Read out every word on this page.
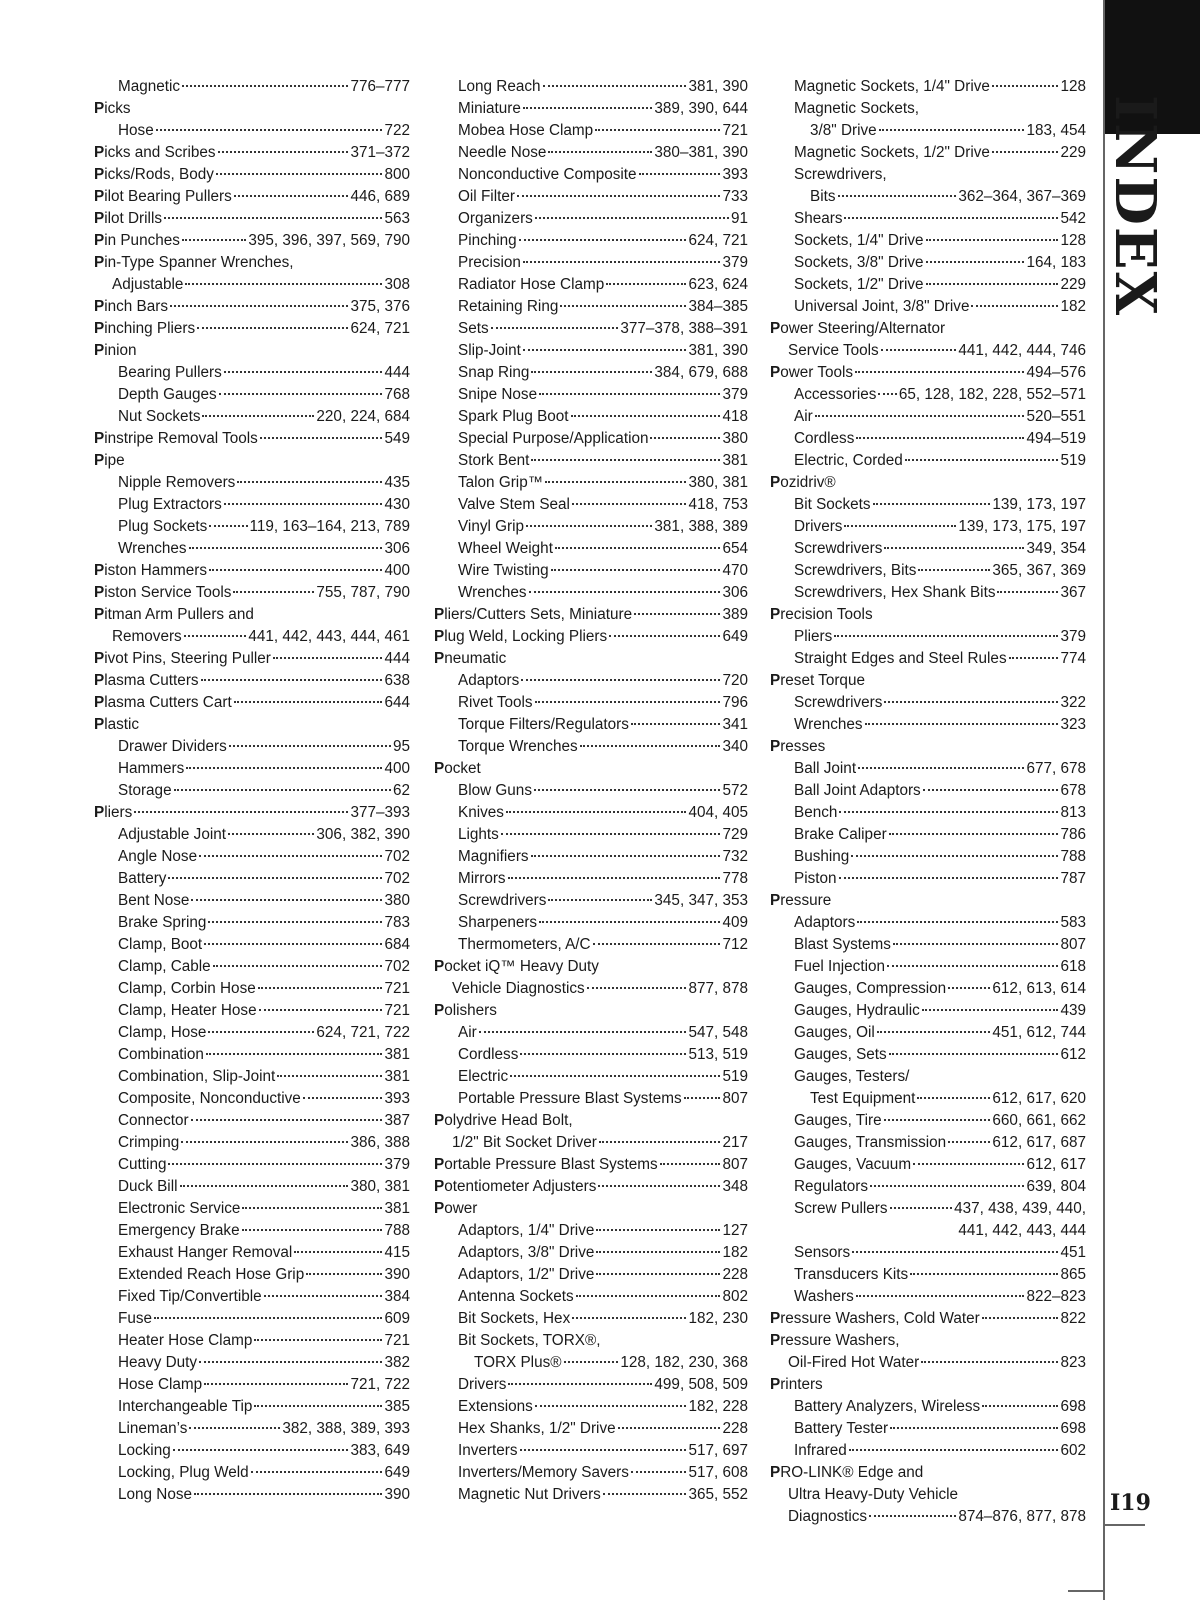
Magnetic	776–777
Picks
Hose	722
Picks and Scribes	371–372
Picks/Rods, Body	800
Pilot Bearing Pullers	446, 689
Pilot Drills	563
Pin Punches	395, 396, 397, 569, 790
Pin-Type Spanner Wrenches,
Adjustable	308
Pinch Bars	375, 376
Pinching Pliers	624, 721
Pinion
Bearing Pullers	444
Depth Gauges	768
Nut Sockets	220, 224, 684
Pinstripe Removal Tools	549
Pipe
Nipple Removers	435
Plug Extractors	430
Plug Sockets	119, 163–164, 213, 789
Wrenches	306
Piston Hammers	400
Piston Service Tools	755, 787, 790
Pitman Arm Pullers and
Removers	441, 442, 443, 444, 461
Pivot Pins, Steering Puller	444
Plasma Cutters	638
Plasma Cutters Cart	644
Plastic
Drawer Dividers	95
Hammers	400
Storage	62
Pliers	377–393
Adjustable Joint	306, 382, 390
Angle Nose	702
Battery	702
Bent Nose	380
Brake Spring	783
Clamp, Boot	684
Clamp, Cable	702
Clamp, Corbin Hose	721
Clamp, Heater Hose	721
Clamp, Hose	624, 721, 722
Combination	381
Combination, Slip-Joint	381
Composite, Nonconductive	393
Connector	387
Crimping	386, 388
Cutting	379
Duck Bill	380, 381
Electronic Service	381
Emergency Brake	788
Exhaust Hanger Removal	415
Extended Reach Hose Grip	390
Fixed Tip/Convertible	384
Fuse	609
Heater Hose Clamp	721
Heavy Duty	382
Hose Clamp	721, 722
Interchangeable Tip	385
Lineman’s	382, 388, 389, 393
Locking	383, 649
Locking, Plug Weld	649
Long Nose	390
Long Reach	381, 390
Miniature	389, 390, 644
Mobea Hose Clamp	721
Needle Nose	380–381, 390
Nonconductive Composite	393
Oil Filter	733
Organizers	91
Pinching	624, 721
Precision	379
Radiator Hose Clamp	623, 624
Retaining Ring	384–385
Sets	377–378, 388–391
Slip-Joint	381, 390
Snap Ring	384, 679, 688
Snipe Nose	379
Spark Plug Boot	418
Special Purpose/Application	380
Stork Bent	381
Talon Grip™	380, 381
Valve Stem Seal	418, 753
Vinyl Grip	381, 388, 389
Wheel Weight	654
Wire Twisting	470
Wrenches	306
Pliers/Cutters Sets, Miniature	389
Plug Weld, Locking Pliers	649
Pneumatic
Adaptors	720
Rivet Tools	796
Torque Filters/Regulators	341
Torque Wrenches	340
Pocket
Blow Guns	572
Knives	404, 405
Lights	729
Magnifiers	732
Mirrors	778
Screwdrivers	345, 347, 353
Sharpeners	409
Thermometers, A/C	712
Pocket iQ™ Heavy Duty
Vehicle Diagnostics	877, 878
Polishers
Air	547, 548
Cordless	513, 519
Electric	519
Portable Pressure Blast Systems	807
Polydrive Head Bolt,
1/2" Bit Socket Driver	217
Portable Pressure Blast Systems	807
Potentiometer Adjusters	348
Power
Adaptors, 1/4" Drive	127
Adaptors, 3/8" Drive	182
Adaptors, 1/2" Drive	228
Antenna Sockets	802
Bit Sockets, Hex	182, 230
Bit Sockets, TORX®,
TORX Plus®	128, 182, 230, 368
Drivers	499, 508, 509
Extensions	182, 228
Hex Shanks, 1/2" Drive	228
Inverters	517, 697
Inverters/Memory Savers	517, 608
Magnetic Nut Drivers	365, 552
Magnetic Sockets, 1/4" Drive	128
Magnetic Sockets,
3/8" Drive	183, 454
Magnetic Sockets, 1/2" Drive	229
Screwdrivers,
Bits	362–364, 367–369
Shears	542
Sockets, 1/4" Drive	128
Sockets, 3/8" Drive	164, 183
Sockets, 1/2" Drive	229
Universal Joint, 3/8" Drive	182
Power Steering/Alternator
Service Tools	441, 442, 444, 746
Power Tools	494–576
Accessories 65, 128, 182, 228, 552–571
Air	520–551
Cordless	494–519
Electric, Corded	519
Pozidriv®
Bit Sockets	139, 173, 197
Drivers	139, 173, 175, 197
Screwdrivers	349, 354
Screwdrivers, Bits	365, 367, 369
Screwdrivers, Hex Shank Bits	367
Precision Tools
Pliers	379
Straight Edges and Steel Rules	774
Preset Torque
Screwdrivers	322
Wrenches	323
Presses
Ball Joint	677, 678
Ball Joint Adaptors	678
Bench	813
Brake Caliper	786
Bushing	788
Piston	787
Pressure
Adaptors	583
Blast Systems	807
Fuel Injection	618
Gauges, Compression	612, 613, 614
Gauges, Hydraulic	439
Gauges, Oil	451, 612, 744
Gauges, Sets	612
Gauges, Testers/
Test Equipment	612, 617, 620
Gauges, Tire	660, 661, 662
Gauges, Transmission	612, 617, 687
Gauges, Vacuum	612, 617
Regulators	639, 804
Screw Pullers	437, 438, 439, 440,
441, 442, 443, 444
Sensors	451
Transducers Kits	865
Washers	822–823
Pressure Washers, Cold Water	822
Pressure Washers,
Oil-Fired Hot Water	823
Printers
Battery Analyzers, Wireless	698
Battery Tester	698
Infrared	602
PRO-LINK® Edge and
Ultra Heavy-Duty Vehicle
Diagnostics	874–876, 877, 878
INDEX
I19
